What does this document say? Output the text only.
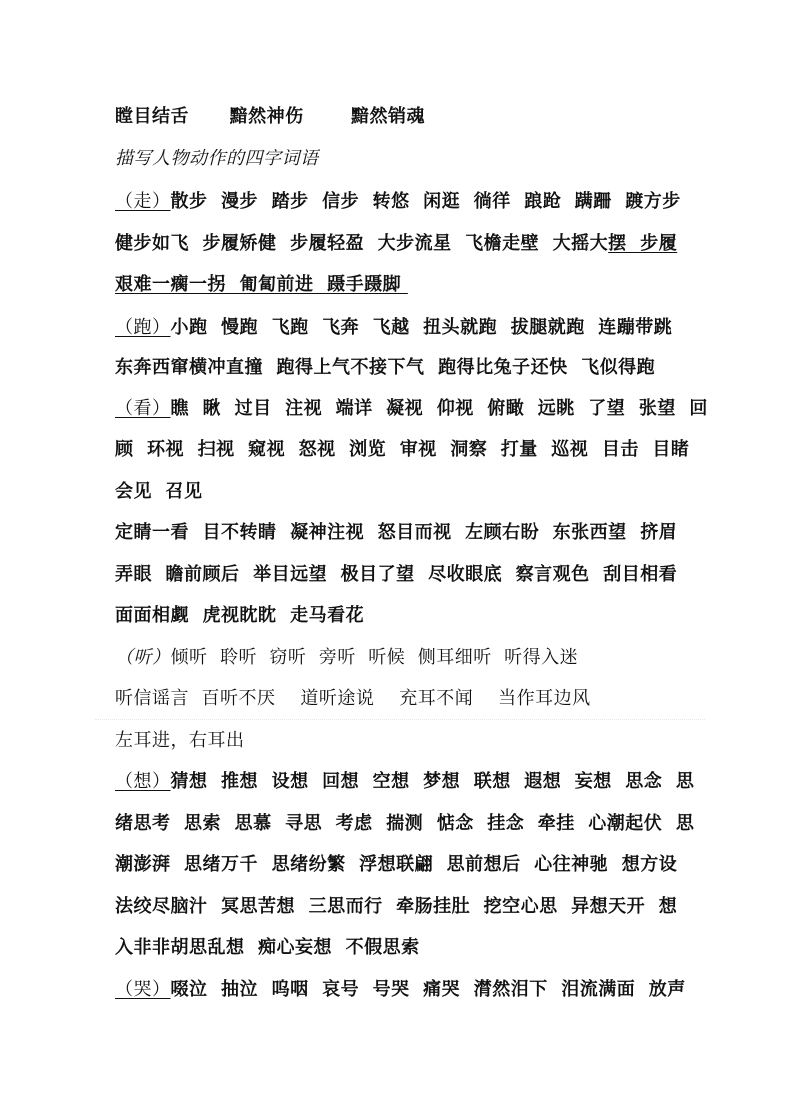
瞠目结舌      黯然神伤       黯然销魂
描写人物动作的四字词语
（走）散步  漫步  踏步  信步  转悠  闲逛  徜徉  踉跄  蹒跚  踱方步
健步如飞  步履矫健  步履轻盈  大步流星  飞檐走壁  大摇大摆  步履
艰难一瘸一拐  匍匐前进  蹑手蹑脚
（跑）小跑  慢跑  飞跑  飞奔  飞越  扭头就跑  拔腿就跑  连蹦带跳
东奔西窜横冲直撞  跑得上气不接下气  跑得比兔子还快  飞似得跑
（看）瞧  瞅  过目  注视  端详  凝视  仰视  俯瞰  远眺  了望  张望  回
顾  环视  扫视  窥视  怒视  浏览  审视  洞察  打量  巡视  目击  目睹
会见  召见
定睛一看  目不转睛  凝神注视  怒目而视  左顾右盼  东张西望  挤眉
弄眼  瞻前顾后  举目远望  极目了望  尽收眼底  察言观色  刮目相看
面面相觑  虎视眈眈  走马看花
（听）倾听  聆听  窃听  旁听  听候  侧耳细听  听得入迷
听信谣言  百听不厌    道听途说    充耳不闻    当作耳边风
左耳进，右耳出
（想）猜想  推想  设想  回想  空想  梦想  联想  遐想  妄想  思念  思
绪思考  思索  思慕  寻思  考虑  揣测  惦念  挂念  牵挂  心潮起伏  思
潮澎湃  思绪万千  思绪纷繁  浮想联翩  思前想后  心往神驰  想方设
法绞尽脑汁  冥思苦想  三思而行  牵肠挂肚  挖空心思  异想天开  想
入非非胡思乱想  痴心妄想  不假思索
（哭）啜泣  抽泣  呜咽  哀号  号哭  痛哭  潸然泪下  泪流满面  放声
